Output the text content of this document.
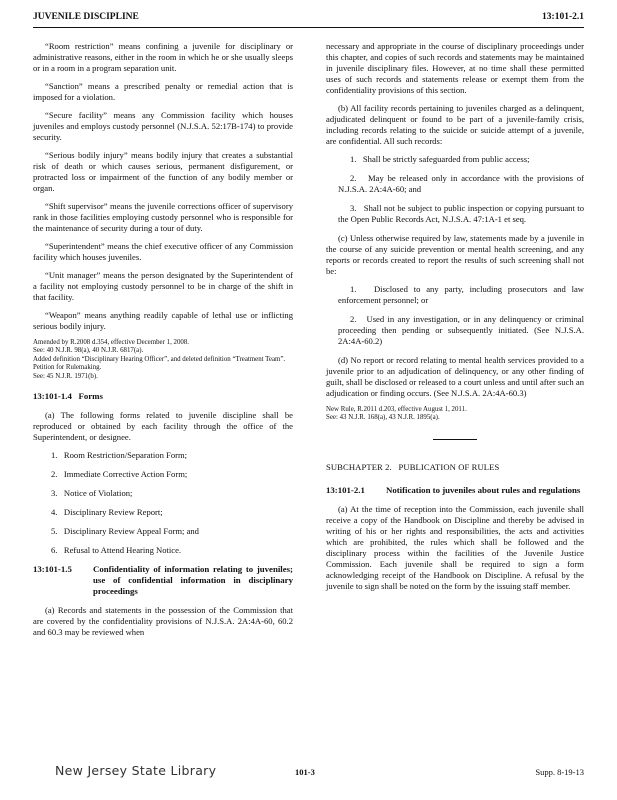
JUVENILE DISCIPLINE	13:101-2.1

“Room restriction” means confining a juvenile for disciplinary or administrative reasons, either in the room in which he or she usually sleeps or in a room in a program separation unit.

“Sanction” means a prescribed penalty or remedial action that is imposed for a violation.

“Secure facility” means any Commission facility which houses juveniles and employs custody personnel (N.J.S.A. 52:17B-174) to provide security.

“Serious bodily injury” means bodily injury that creates a substantial risk of death or which causes serious, permanent disfigurement, or protracted loss or impairment of the function of any bodily member or organ.

“Shift supervisor” means the juvenile corrections officer of supervisory rank in those facilities employing custody personnel who is responsible for the maintenance of security during a tour of duty.

“Superintendent” means the chief executive officer of any Commission facility which houses juveniles.

“Unit manager” means the person designated by the Superintendent of a facility not employing custody personnel to be in charge of the shift in that facility.

“Weapon” means anything readily capable of lethal use or inflicting serious bodily injury.

Amended by R.2008 d.354, effective December 1, 2008.

See: 40 N.J.R. 98(a), 40 N.J.R. 6817(a).

Added definition “Disciplinary Hearing Officer”, and deleted definition “Treatment Team”.

Petition for Rulemaking.

See: 45 N.J.R. 1971(b).

13:101-1.4   Forms

(a) The following forms related to juvenile discipline shall be reproduced or obtained by each facility through the office of the Superintendent, or designee.

1.   Room Restriction/Separation Form;
2.   Immediate Corrective Action Form;
3.   Notice of Violation;
4.   Disciplinary Review Report;
5.   Disciplinary Review Appeal Form; and
6.   Refusal to Attend Hearing Notice.
13:101-1.5	Confidentiality of information relating to juveniles; use of confidential information in disciplinary proceedings

(a) Records and statements in the possession of the Commission that are covered by the confidentiality provisions of N.J.S.A. 2A:4A-60, 60.2 and 60.3 may be reviewed when

necessary and appropriate in the course of disciplinary proceedings under this chapter, and copies of such records and statements may be maintained in juvenile disciplinary files. However, at no time shall these permitted uses of such records and statements release or exempt them from the confidentiality provisions of this section.

(b) All facility records pertaining to juveniles charged as a delinquent, adjudicated delinquent or found to be part of a juvenile-family crisis, including records relating to the suicide or suicide attempt of a juvenile, are confidential. All such records:

1.   Shall be strictly safeguarded from public access;

2.   May be released only in accordance with the provisions of N.J.S.A. 2A:4A-60; and

3.   Shall not be subject to public inspection or copying pursuant to the Open Public Records Act, N.J.S.A. 47:1A-1 et seq.

(c) Unless otherwise required by law, statements made by a juvenile in the course of any suicide prevention or mental health screening, and any reports or records created to report the results of such screening shall not be:

1.   Disclosed to any party, including prosecutors and law enforcement personnel; or

2.   Used in any investigation, or in any delinquency or criminal proceeding then pending or subsequently initiated. (See N.J.S.A. 2A:4A-60.2)

(d) No report or record relating to mental health services provided to a juvenile prior to an adjudication of delinquency, or any other finding of guilt, shall be disclosed or released to a court unless and until after such an adjudication or finding occurs. (See N.J.S.A. 2A:4A-60.3)

New Rule, R.2011 d.203, effective August 1, 2011.

See: 43 N.J.R. 168(a), 43 N.J.R. 1895(a).

SUBCHAPTER 2.   PUBLICATION OF RULES
13:101-2.1	Notification to juveniles about rules and regulations

(a) At the time of reception into the Commission, each juvenile shall receive a copy of the Handbook on Discipline and thereby be advised in writing of his or her rights and responsibilities, the acts and activities which are prohibited, the rules which shall be followed and the disciplinary process within the facilities of the Juvenile Justice Commission. Each juvenile shall be required to sign a form acknowledging receipt of the Handbook on Discipline. A refusal by the juvenile to sign shall be noted on the form by the issuing staff member.

New Jersey State Library	101-3	Supp. 8-19-13
